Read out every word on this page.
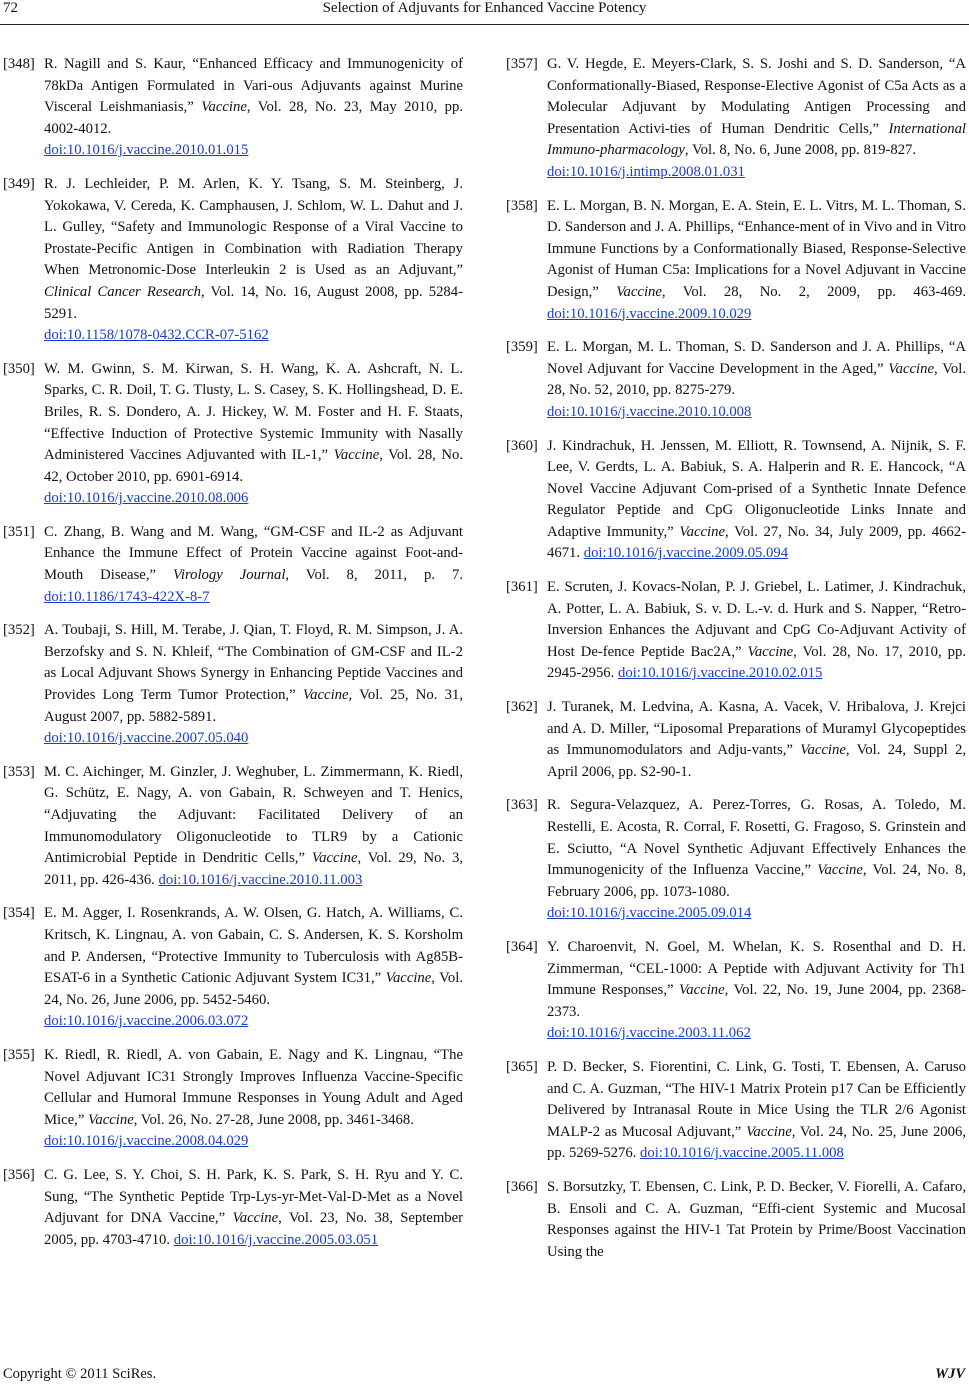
72	Selection of Adjuvants for Enhanced Vaccine Potency
[348] R. Nagill and S. Kaur, “Enhanced Efficacy and Immunogenicity of 78kDa Antigen Formulated in Vari-ous Adjuvants against Murine Visceral Leishmaniasis,” Vaccine, Vol. 28, No. 23, May 2010, pp. 4002-4012.
doi:10.1016/j.vaccine.2010.01.015
[349] R. J. Lechleider, P. M. Arlen, K. Y. Tsang, S. M. Steinberg, J. Yokokawa, V. Cereda, K. Camphausen, J. Schlom, W. L. Dahut and J. L. Gulley, “Safety and Immunologic Response of a Viral Vaccine to Prostate-Pecific Antigen in Combination with Radiation Therapy When Metronomic-Dose Interleukin 2 is Used as an Adjuvant,” Clinical Cancer Research, Vol. 14, No. 16, August 2008, pp. 5284-5291.
doi:10.1158/1078-0432.CCR-07-5162
[350] W. M. Gwinn, S. M. Kirwan, S. H. Wang, K. A. Ashcraft, N. L. Sparks, C. R. Doil, T. G. Tlusty, L. S. Casey, S. K. Hollingshead, D. E. Briles, R. S. Dondero, A. J. Hickey, W. M. Foster and H. F. Staats, “Effective Induction of Protective Systemic Immunity with Nasally Administered Vaccines Adjuvanted with IL-1,” Vaccine, Vol. 28, No. 42, October 2010, pp. 6901-6914.
doi:10.1016/j.vaccine.2010.08.006
[351] C. Zhang, B. Wang and M. Wang, “GM-CSF and IL-2 as Adjuvant Enhance the Immune Effect of Protein Vaccine against Foot-and-Mouth Disease,” Virology Journal, Vol. 8, 2011, p. 7. doi:10.1186/1743-422X-8-7
[352] A. Toubaji, S. Hill, M. Terabe, J. Qian, T. Floyd, R. M. Simpson, J. A. Berzofsky and S. N. Khleif, “The Combination of GM-CSF and IL-2 as Local Adjuvant Shows Synergy in Enhancing Peptide Vaccines and Provides Long Term Tumor Protection,” Vaccine, Vol. 25, No. 31, August 2007, pp. 5882-5891.
doi:10.1016/j.vaccine.2007.05.040
[353] M. C. Aichinger, M. Ginzler, J. Weghuber, L. Zimmermann, K. Riedl, G. Schütz, E. Nagy, A. von Gabain, R. Schweyen and T. Henics, “Adjuvating the Adjuvant: Facilitated Delivery of an Immunomodulatory Oligonucleotide to TLR9 by a Cationic Antimicrobial Peptide in Dendritic Cells,” Vaccine, Vol. 29, No. 3, 2011, pp. 426-436. doi:10.1016/j.vaccine.2010.11.003
[354] E. M. Agger, I. Rosenkrands, A. W. Olsen, G. Hatch, A. Williams, C. Kritsch, K. Lingnau, A. von Gabain, C. S. Andersen, K. S. Korsholm and P. Andersen, “Protective Immunity to Tuberculosis with Ag85B-ESAT-6 in a Synthetic Cationic Adjuvant System IC31,” Vaccine, Vol. 24, No. 26, June 2006, pp. 5452-5460.
doi:10.1016/j.vaccine.2006.03.072
[355] K. Riedl, R. Riedl, A. von Gabain, E. Nagy and K. Lingnau, “The Novel Adjuvant IC31 Strongly Improves Influenza Vaccine-Specific Cellular and Humoral Immune Responses in Young Adult and Aged Mice,” Vaccine, Vol. 26, No. 27-28, June 2008, pp. 3461-3468.
doi:10.1016/j.vaccine.2008.04.029
[356] C. G. Lee, S. Y. Choi, S. H. Park, K. S. Park, S. H. Ryu and Y. C. Sung, “The Synthetic Peptide Trp-Lys-yr-Met-Val-D-Met as a Novel Adjuvant for DNA Vaccine,” Vaccine, Vol. 23, No. 38, September 2005, pp. 4703-4710. doi:10.1016/j.vaccine.2005.03.051
[357] G. V. Hegde, E. Meyers-Clark, S. S. Joshi and S. D. Sanderson, “A Conformationally-Biased, Response-Elective Agonist of C5a Acts as a Molecular Adjuvant by Modulating Antigen Processing and Presentation Activi-ties of Human Dendritic Cells,” International Immuno-pharmacology, Vol. 8, No. 6, June 2008, pp. 819-827.
doi:10.1016/j.intimp.2008.01.031
[358] E. L. Morgan, B. N. Morgan, E. A. Stein, E. L. Vitrs, M. L. Thoman, S. D. Sanderson and J. A. Phillips, “Enhance-ment of in Vivo and in Vitro Immune Functions by a Conformationally Biased, Response-Selective Agonist of Human C5a: Implications for a Novel Adjuvant in Vaccine Design,” Vaccine, Vol. 28, No. 2, 2009, pp. 463-469. doi:10.1016/j.vaccine.2009.10.029
[359] E. L. Morgan, M. L. Thoman, S. D. Sanderson and J. A. Phillips, “A Novel Adjuvant for Vaccine Development in the Aged,” Vaccine, Vol. 28, No. 52, 2010, pp. 8275-279.
doi:10.1016/j.vaccine.2010.10.008
[360] J. Kindrachuk, H. Jenssen, M. Elliott, R. Townsend, A. Nijnik, S. F. Lee, V. Gerdts, L. A. Babiuk, S. A. Halperin and R. E. Hancock, “A Novel Vaccine Adjuvant Com-prised of a Synthetic Innate Defence Regulator Peptide and CpG Oligonucleotide Links Innate and Adaptive Immunity,” Vaccine, Vol. 27, No. 34, July 2009, pp. 4662-4671. doi:10.1016/j.vaccine.2009.05.094
[361] E. Scruten, J. Kovacs-Nolan, P. J. Griebel, L. Latimer, J. Kindrachuk, A. Potter, L. A. Babiuk, S. v. D. L.-v. d. Hurk and S. Napper, “Retro-Inversion Enhances the Adjuvant and CpG Co-Adjuvant Activity of Host De-fence Peptide Bac2A,” Vaccine, Vol. 28, No. 17, 2010, pp. 2945-2956. doi:10.1016/j.vaccine.2010.02.015
[362] J. Turanek, M. Ledvina, A. Kasna, A. Vacek, V. Hribalova, J. Krejci and A. D. Miller, “Liposomal Preparations of Muramyl Glycopeptides as Immunomodulators and Adju-vants,” Vaccine, Vol. 24, Suppl 2, April 2006, pp. S2-90-1.
[363] R. Segura-Velazquez, A. Perez-Torres, G. Rosas, A. Toledo, M. Restelli, E. Acosta, R. Corral, F. Rosetti, G. Fragoso, S. Grinstein and E. Sciutto, “A Novel Synthetic Adjuvant Effectively Enhances the Immunogenicity of the Influenza Vaccine,” Vaccine, Vol. 24, No. 8, February 2006, pp. 1073-1080.
doi:10.1016/j.vaccine.2005.09.014
[364] Y. Charoenvit, N. Goel, M. Whelan, K. S. Rosenthal and D. H. Zimmerman, “CEL-1000: A Peptide with Adjuvant Activity for Th1 Immune Responses,” Vaccine, Vol. 22, No. 19, June 2004, pp. 2368-2373.
doi:10.1016/j.vaccine.2003.11.062
[365] P. D. Becker, S. Fiorentini, C. Link, G. Tosti, T. Ebensen, A. Caruso and C. A. Guzman, “The HIV-1 Matrix Protein p17 Can be Efficiently Delivered by Intranasal Route in Mice Using the TLR 2/6 Agonist MALP-2 as Mucosal Adjuvant,” Vaccine, Vol. 24, No. 25, June 2006, pp. 5269-5276. doi:10.1016/j.vaccine.2005.11.008
[366] S. Borsutzky, T. Ebensen, C. Link, P. D. Becker, V. Fiorelli, A. Cafaro, B. Ensoli and C. A. Guzman, “Effi-cient Systemic and Mucosal Responses against the HIV-1 Tat Protein by Prime/Boost Vaccination Using the
Copyright © 2011 SciRes.	WJV
